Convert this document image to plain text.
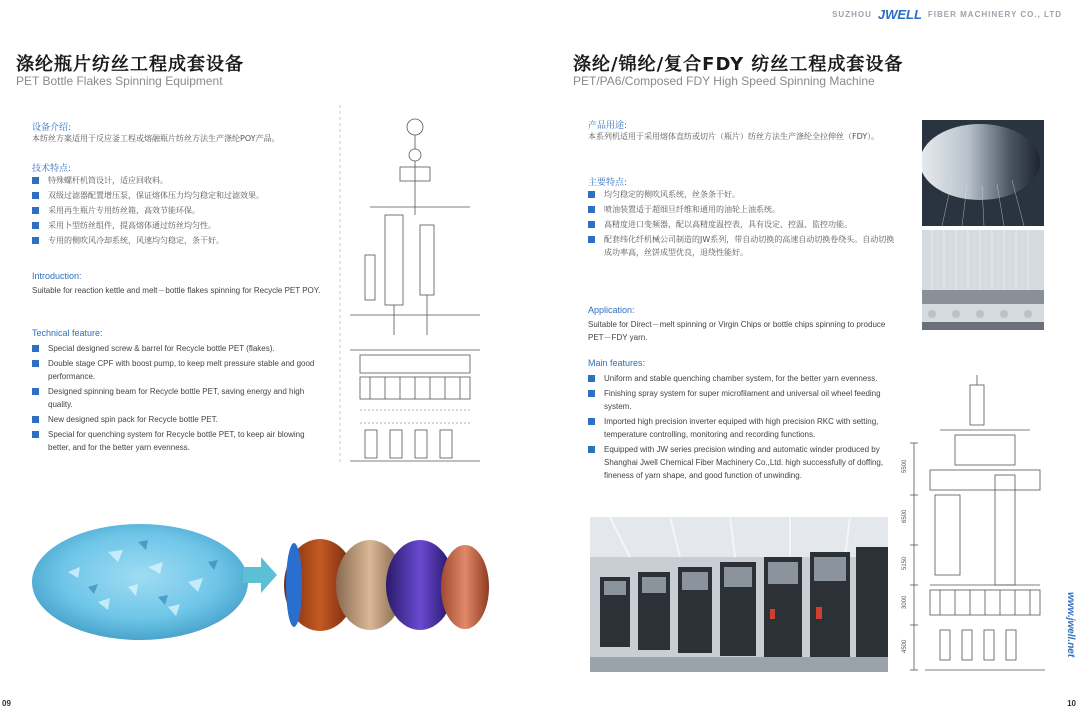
SUZHOU JWELL FIBER MACHINERY CO., LTD
涤纶瓶片纺丝工程成套设备
PET Bottle Flakes Spinning Equipment
设备介绍:
本纺丝方案适用于反应釜工程或熔融瓶片纺丝方法生产涤纶POY产品。
技术特点:
特殊螺杆机筒设计，适应回收料。
双级过滤器配置增压泵，保证熔体压力均匀稳定和过滤效果。
采用再生瓶片专用纺丝箱，高效节能环保。
采用卜型纺丝组件，提高熔体通过纺丝均匀性。
专用的侧吹风冷却系统，风速均匀稳定，条干好。
Introduction:
Suitable for reaction kettle and melt－bottle flakes spinning for Recycle PET POY.
Technical feature:
Special designed screw & barrel for Recycle bottle PET (flakes).
Double stage CPF with boost pump, to keep melt pressure stable and good performance.
Designed spinning beam for Recycle bottle PET, saving energy and high quality.
New designed spin pack for Recycle bottle PET.
Special for quenching system for Recycle bottle PET, to keep air blowing better, and for the better yarn evenness.
09
涤纶/锦纶/复合FDY 纺丝工程成套设备
PET/PA6/Composed FDY High Speed Spinning Machine
产品用途:
本系列机适用于采用熔体直纺或切片（瓶片）纺丝方法生产涤纶全拉伸丝（FDY）。
主要特点:
均匀稳定的侧吹风系统，丝条条干好。
喷油装置适于超细旦纤维和通用的油轮上油系统。
高精度进口变频器，配以高精度温控表，具有设定、控温、监控功能。
配套纬化纤机械公司制造的JW系列，带自动切换的高速自动切换卷绕头。自动切换成功率高，丝饼成型优良，退绕性能好。
Application:
Suitable for Direct－melt spinning or Virgin Chips or bottle chips spinning to produce PET－FDY yarn.
Main features:
Uniform and stable quenching chamber system, for the better yarn evenness.
Finishing spray system for super microfilament and universal oil wheel feeding system.
Imported high precision inverter equiped with high precision RKC with setting, temperature controlling, monitoring and recording functions.
Equipped with JW series precision winding and automatic winder produced by Shanghai Jwell Chemical Fiber Machinery Co.,Ltd. high successfully of doffing, fineness of yarn shape, and good function of unwinding.
5500
6500
5150
3000
4500	www.jwell.net
10
